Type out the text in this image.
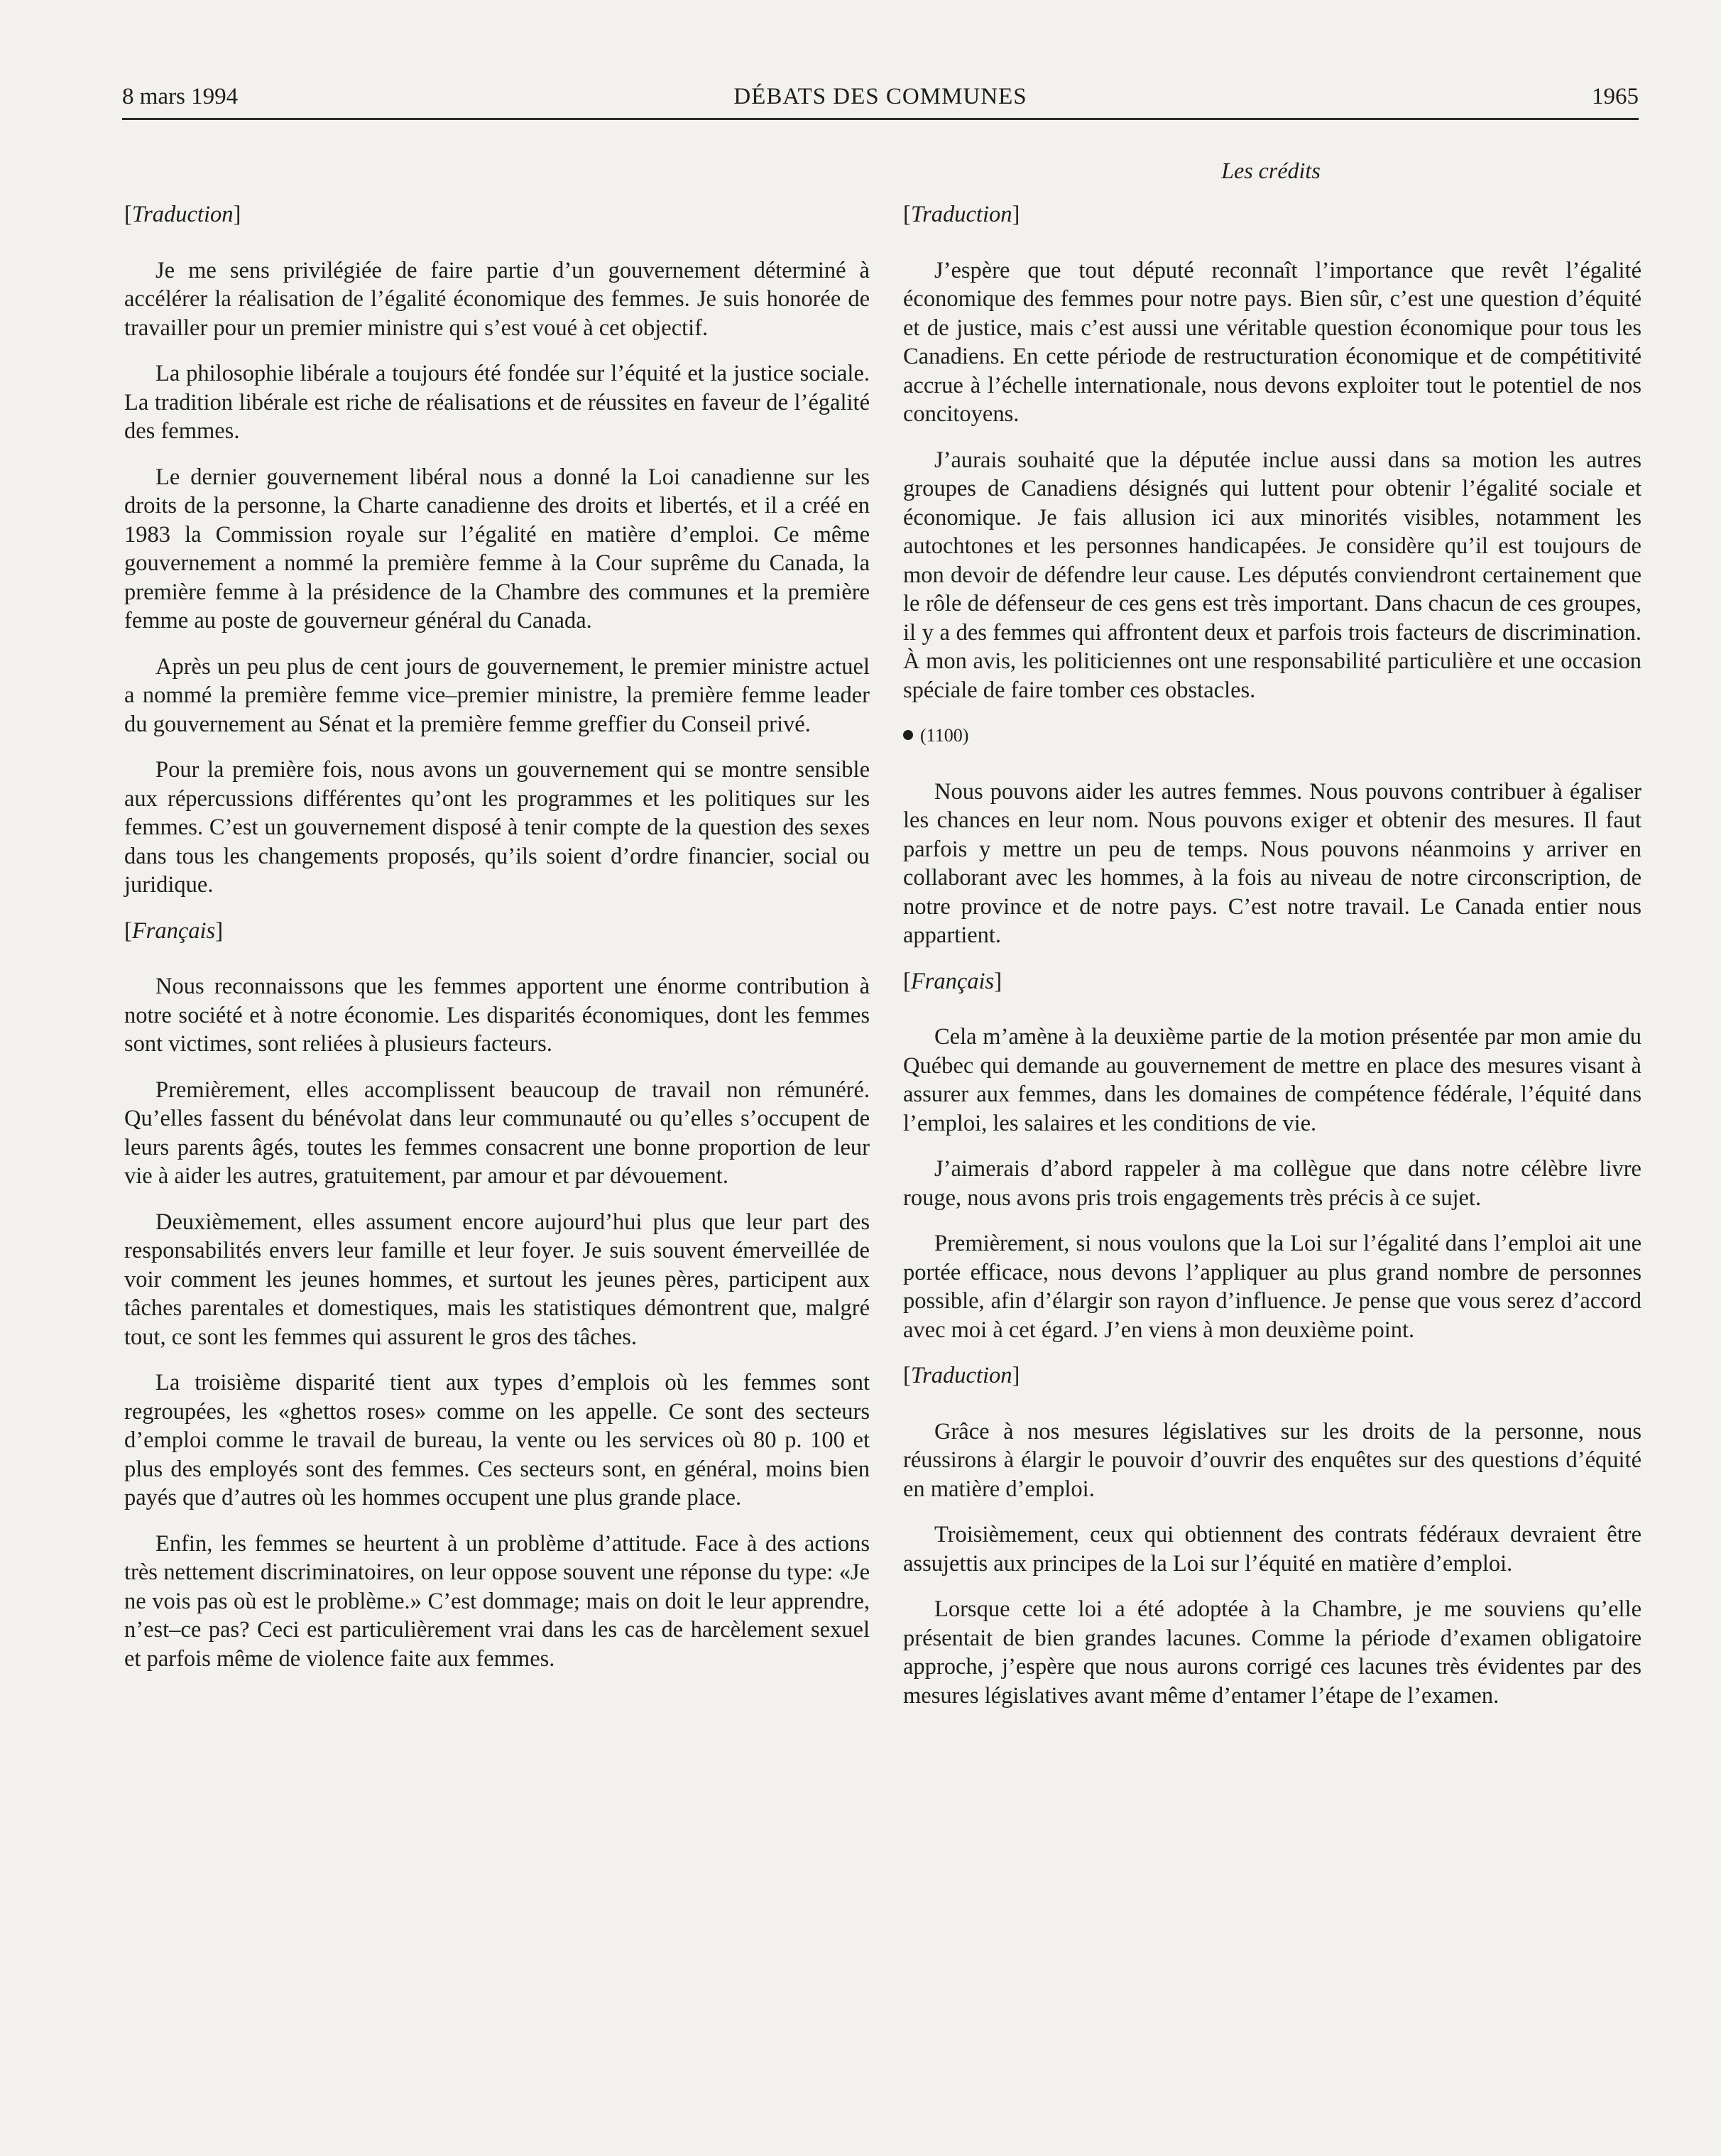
8 mars 1994	DÉBATS DES COMMUNES	1965
Les crédits

[Traduction]

Je me sens privilégiée de faire partie d’un gouvernement déterminé à accélérer la réalisation de l’égalité économique des femmes. Je suis honorée de travailler pour un premier ministre qui s’est voué à cet objectif.

La philosophie libérale a toujours été fondée sur l’équité et la justice sociale. La tradition libérale est riche de réalisations et de réussites en faveur de l’égalité des femmes.

Le dernier gouvernement libéral nous a donné la Loi canadienne sur les droits de la personne, la Charte canadienne des droits et libertés, et il a créé en 1983 la Commission royale sur l’égalité en matière d’emploi. Ce même gouvernement a nommé la première femme à la Cour suprême du Canada, la première femme à la présidence de la Chambre des communes et la première femme au poste de gouverneur général du Canada.

Après un peu plus de cent jours de gouvernement, le premier ministre actuel a nommé la première femme vice–premier ministre, la première femme leader du gouvernement au Sénat et la première femme greffier du Conseil privé.

Pour la première fois, nous avons un gouvernement qui se montre sensible aux répercussions différentes qu’ont les programmes et les politiques sur les femmes. C’est un gouvernement disposé à tenir compte de la question des sexes dans tous les changements proposés, qu’ils soient d’ordre financier, social ou juridique.

[Français]

Nous reconnaissons que les femmes apportent une énorme contribution à notre société et à notre économie. Les disparités économiques, dont les femmes sont victimes, sont reliées à plusieurs facteurs.

Premièrement, elles accomplissent beaucoup de travail non rémunéré. Qu’elles fassent du bénévolat dans leur communauté ou qu’elles s’occupent de leurs parents âgés, toutes les femmes consacrent une bonne proportion de leur vie à aider les autres, gratuitement, par amour et par dévouement.

Deuxièmement, elles assument encore aujourd’hui plus que leur part des responsabilités envers leur famille et leur foyer. Je suis souvent émerveillée de voir comment les jeunes hommes, et surtout les jeunes pères, participent aux tâches parentales et domestiques, mais les statistiques démontrent que, malgré tout, ce sont les femmes qui assurent le gros des tâches.

La troisième disparité tient aux types d’emplois où les femmes sont regroupées, les «ghettos roses» comme on les appelle. Ce sont des secteurs d’emploi comme le travail de bureau, la vente ou les services où 80 p. 100 et plus des employés sont des femmes. Ces secteurs sont, en général, moins bien payés que d’autres où les hommes occupent une plus grande place.

Enfin, les femmes se heurtent à un problème d’attitude. Face à des actions très nettement discriminatoires, on leur oppose souvent une réponse du type: «Je ne vois pas où est le problème.» C’est dommage; mais on doit le leur apprendre, n’est–ce pas? Ceci est particulièrement vrai dans les cas de harcèlement sexuel et parfois même de violence faite aux femmes.

[Traduction]

J’espère que tout député reconnaît l’importance que revêt l’égalité économique des femmes pour notre pays. Bien sûr, c’est une question d’équité et de justice, mais c’est aussi une véritable question économique pour tous les Canadiens. En cette période de restructuration économique et de compétitivité accrue à l’échelle internationale, nous devons exploiter tout le potentiel de nos concitoyens.

J’aurais souhaité que la députée inclue aussi dans sa motion les autres groupes de Canadiens désignés qui luttent pour obtenir l’égalité sociale et économique. Je fais allusion ici aux minorités visibles, notamment les autochtones et les personnes handicapées. Je considère qu’il est toujours de mon devoir de défendre leur cause. Les députés conviendront certainement que le rôle de défenseur de ces gens est très important. Dans chacun de ces groupes, il y a des femmes qui affrontent deux et parfois trois facteurs de discrimination. À mon avis, les politiciennes ont une responsabilité particulière et une occasion spéciale de faire tomber ces obstacles.

(1100)

Nous pouvons aider les autres femmes. Nous pouvons contribuer à égaliser les chances en leur nom. Nous pouvons exiger et obtenir des mesures. Il faut parfois y mettre un peu de temps. Nous pouvons néanmoins y arriver en collaborant avec les hommes, à la fois au niveau de notre circonscription, de notre province et de notre pays. C’est notre travail. Le Canada entier nous appartient.

[Français]

Cela m’amène à la deuxième partie de la motion présentée par mon amie du Québec qui demande au gouvernement de mettre en place des mesures visant à assurer aux femmes, dans les domaines de compétence fédérale, l’équité dans l’emploi, les salaires et les conditions de vie.

J’aimerais d’abord rappeler à ma collègue que dans notre célèbre livre rouge, nous avons pris trois engagements très précis à ce sujet.

Premièrement, si nous voulons que la Loi sur l’égalité dans l’emploi ait une portée efficace, nous devons l’appliquer au plus grand nombre de personnes possible, afin d’élargir son rayon d’influence. Je pense que vous serez d’accord avec moi à cet égard. J’en viens à mon deuxième point.

[Traduction]

Grâce à nos mesures législatives sur les droits de la personne, nous réussirons à élargir le pouvoir d’ouvrir des enquêtes sur des questions d’équité en matière d’emploi.

Troisièmement, ceux qui obtiennent des contrats fédéraux devraient être assujettis aux principes de la Loi sur l’équité en matière d’emploi.

Lorsque cette loi a été adoptée à la Chambre, je me souviens qu’elle présentait de bien grandes lacunes. Comme la période d’examen obligatoire approche, j’espère que nous aurons corrigé ces lacunes très évidentes par des mesures législatives avant même d’entamer l’étape de l’examen.
